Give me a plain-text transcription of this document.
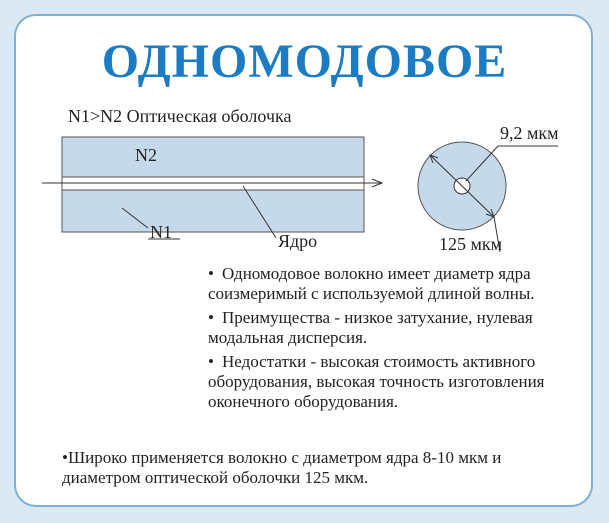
ОДНОМОДОВОЕ
N1>N2 Оптическая оболочка
N2
N1	Ядро
9,2 мкм
125 мкм

• Одномодовое волокно имеет диаметр ядра соизмеримый с используемой длиной волны.

• Преимущества - низкое затухание, нулевая модальная дисперсия.

• Недостатки - высокая стоимость активного оборудования, высокая точность изготовления оконечного оборудования.

•Широко применяется волокно с диаметром ядра 8-10 мкм и диаметром оптической оболочки 125 мкм.
